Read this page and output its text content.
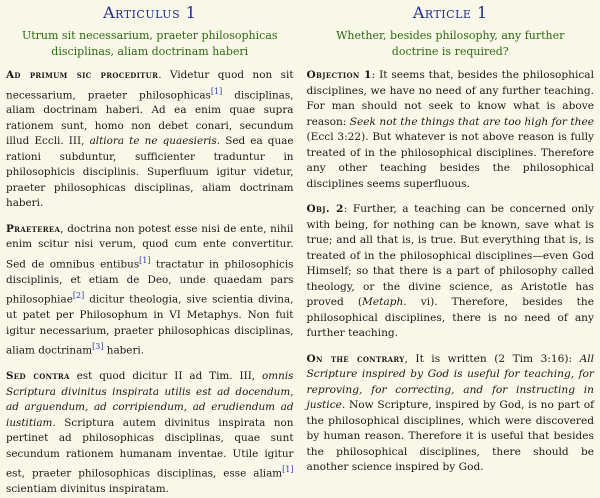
Articulus 1
Utrum sit necessarium, praeter philosophicas disciplinas, aliam doctrinam haberi

Ad primum sic proceditur. Videtur quod non sit necessarium, praeter philosophicas[1] disciplinas, aliam doctrinam haberi. Ad ea enim quae supra rationem sunt, homo non debet conari, secundum illud Eccli. III, altiora te ne quaesieris. Sed ea quae rationi subduntur, sufficienter traduntur in philosophicis disciplinis. Superfluum igitur videtur, praeter philosophicas disciplinas, aliam doctrinam haberi.

Praeterea, doctrina non potest esse nisi de ente, nihil enim scitur nisi verum, quod cum ente convertitur. Sed de omnibus entibus[1] tractatur in philosophicis disciplinis, et etiam de Deo, unde quaedam pars philosophiae[2] dicitur theologia, sive scientia divina, ut patet per Philosophum in VI Metaphys. Non fuit igitur necessarium, praeter philosophicas disciplinas, aliam doctrinam[3] haberi.

Sed contra est quod dicitur II ad Tim. III, omnis Scriptura divinitus inspirata utilis est ad docendum, ad arguendum, ad corripiendum, ad erudiendum ad iustitiam. Scriptura autem divinitus inspirata non pertinet ad philosophicas disciplinas, quae sunt secundum rationem humanam inventae. Utile igitur est, praeter philosophicas disciplinas, esse aliam[1] scientiam divinitus inspiratam.

Article 1
Whether, besides philosophy, any further doctrine is required?

Objection 1: It seems that, besides the philosophical disciplines, we have no need of any further teaching. For man should not seek to know what is above reason: Seek not the things that are too high for thee (Eccl 3:22). But whatever is not above reason is fully treated of in the philosophical disciplines. Therefore any other teaching besides the philosophical disciplines seems superfluous.

Obj. 2: Further, a teaching can be concerned only with being, for nothing can be known, save what is true; and all that is, is true. But everything that is, is treated of in the philosophical disciplines—even God Himself; so that there is a part of philosophy called theology, or the divine science, as Aristotle has proved (Metaph. vi). Therefore, besides the philosophical disciplines, there is no need of any further teaching.

On the contrary, It is written (2 Tim 3:16): All Scripture inspired by God is useful for teaching, for reproving, for correcting, and for instructing in justice. Now Scripture, inspired by God, is no part of the philosophical disciplines, which were discovered by human reason. Therefore it is useful that besides the philosophical disciplines, there should be another science inspired by God.
